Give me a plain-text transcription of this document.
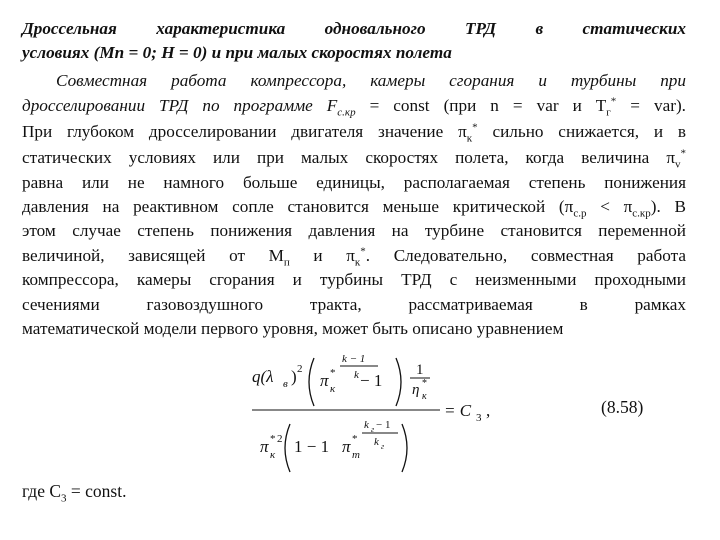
Дроссельная характеристика одновального ТРД в статических
условиях (Мп = 0; Н = 0) и при малых скоростях полета
Совместная работа компрессора, камеры сгорания и турбины при
дросселировании ТРД по программе $F_{с.кр}$ = const (при n = var и $T_г^* = var$).
При глубоком дросселировании двигателя значение $\pi_к^*$ сильно снижается, и в
статических условиях или при малых скоростях полета, когда величина $\pi_v^*$
равна или не намного больше единицы, располагаемая степень понижения
давления на реактивном сопле становится меньше критической $(\pi_{с.р} < \pi_{с.кр})$. В
этом случае степень понижения давления на турбине становится переменной
величиной, зависящей от $М_п$ и $\pi_к^*$. Следовательно, совместная работа
компрессора, камеры сгорания и турбины ТРД с неизменными проходными
сечениями газовоздушного тракта, рассматриваемая в рамках
математической модели первого уровня, может быть описано уравнением
q(λ в ) 2
π к
*
k − 1
k − 1
1
η к
*
= C 3 ,
π к
* 2 1 − 1 π т
*
k г − 1
k г
(8.58)
где $С_3$ = const.
